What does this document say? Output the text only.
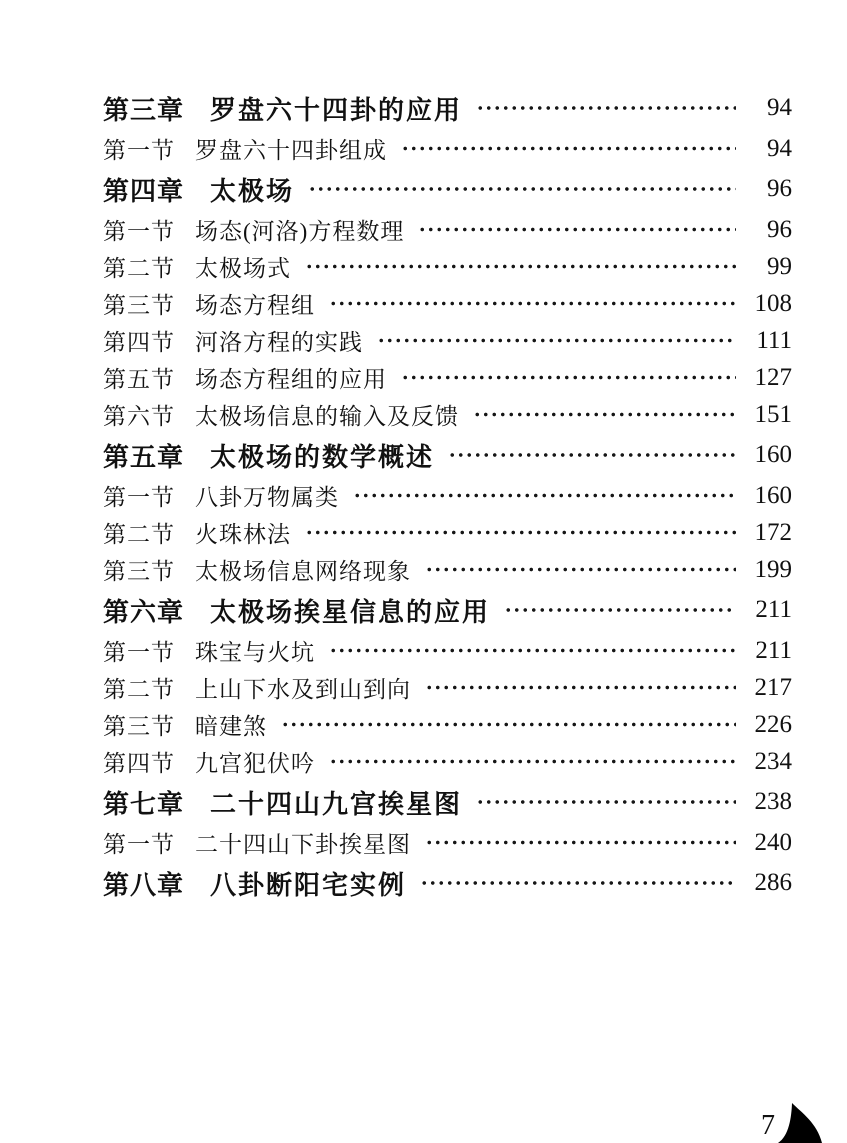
第三章 罗盘六十四卦的应用	94
第一节 罗盘六十四卦组成	94
第四章 太极场	96
第一节 场态(河洛)方程数理	96
第二节 太极场式	99
第三节 场态方程组	108
第四节 河洛方程的实践	111
第五节 场态方程组的应用	127
第六节 太极场信息的输入及反馈	151
第五章 太极场的数学概述	160
第一节 八卦万物属类	160
第二节 火珠林法	172
第三节 太极场信息网络现象	199
第六章 太极场挨星信息的应用	211
第一节 珠宝与火坑	211
第二节 上山下水及到山到向	217
第三节 暗建煞	226
第四节 九宫犯伏吟	234
第七章 二十四山九宫挨星图	238
第一节 二十四山下卦挨星图	240
第八章 八卦断阳宅实例	286
7
